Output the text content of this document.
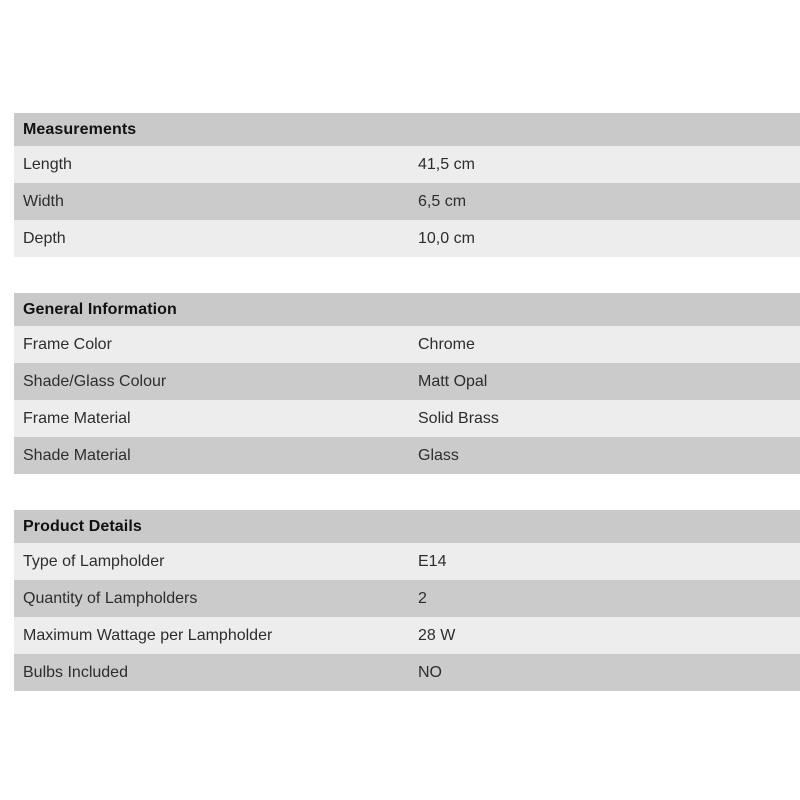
Measurements
Length	41,5 cm
Width	6,5 cm
Depth	10,0 cm
General Information
Frame Color	Chrome
Shade/Glass Colour	Matt Opal
Frame Material	Solid Brass
Shade Material	Glass
Product Details
Type of Lampholder	E14
Quantity of Lampholders	2
Maximum Wattage per Lampholder	28 W
Bulbs Included	NO
